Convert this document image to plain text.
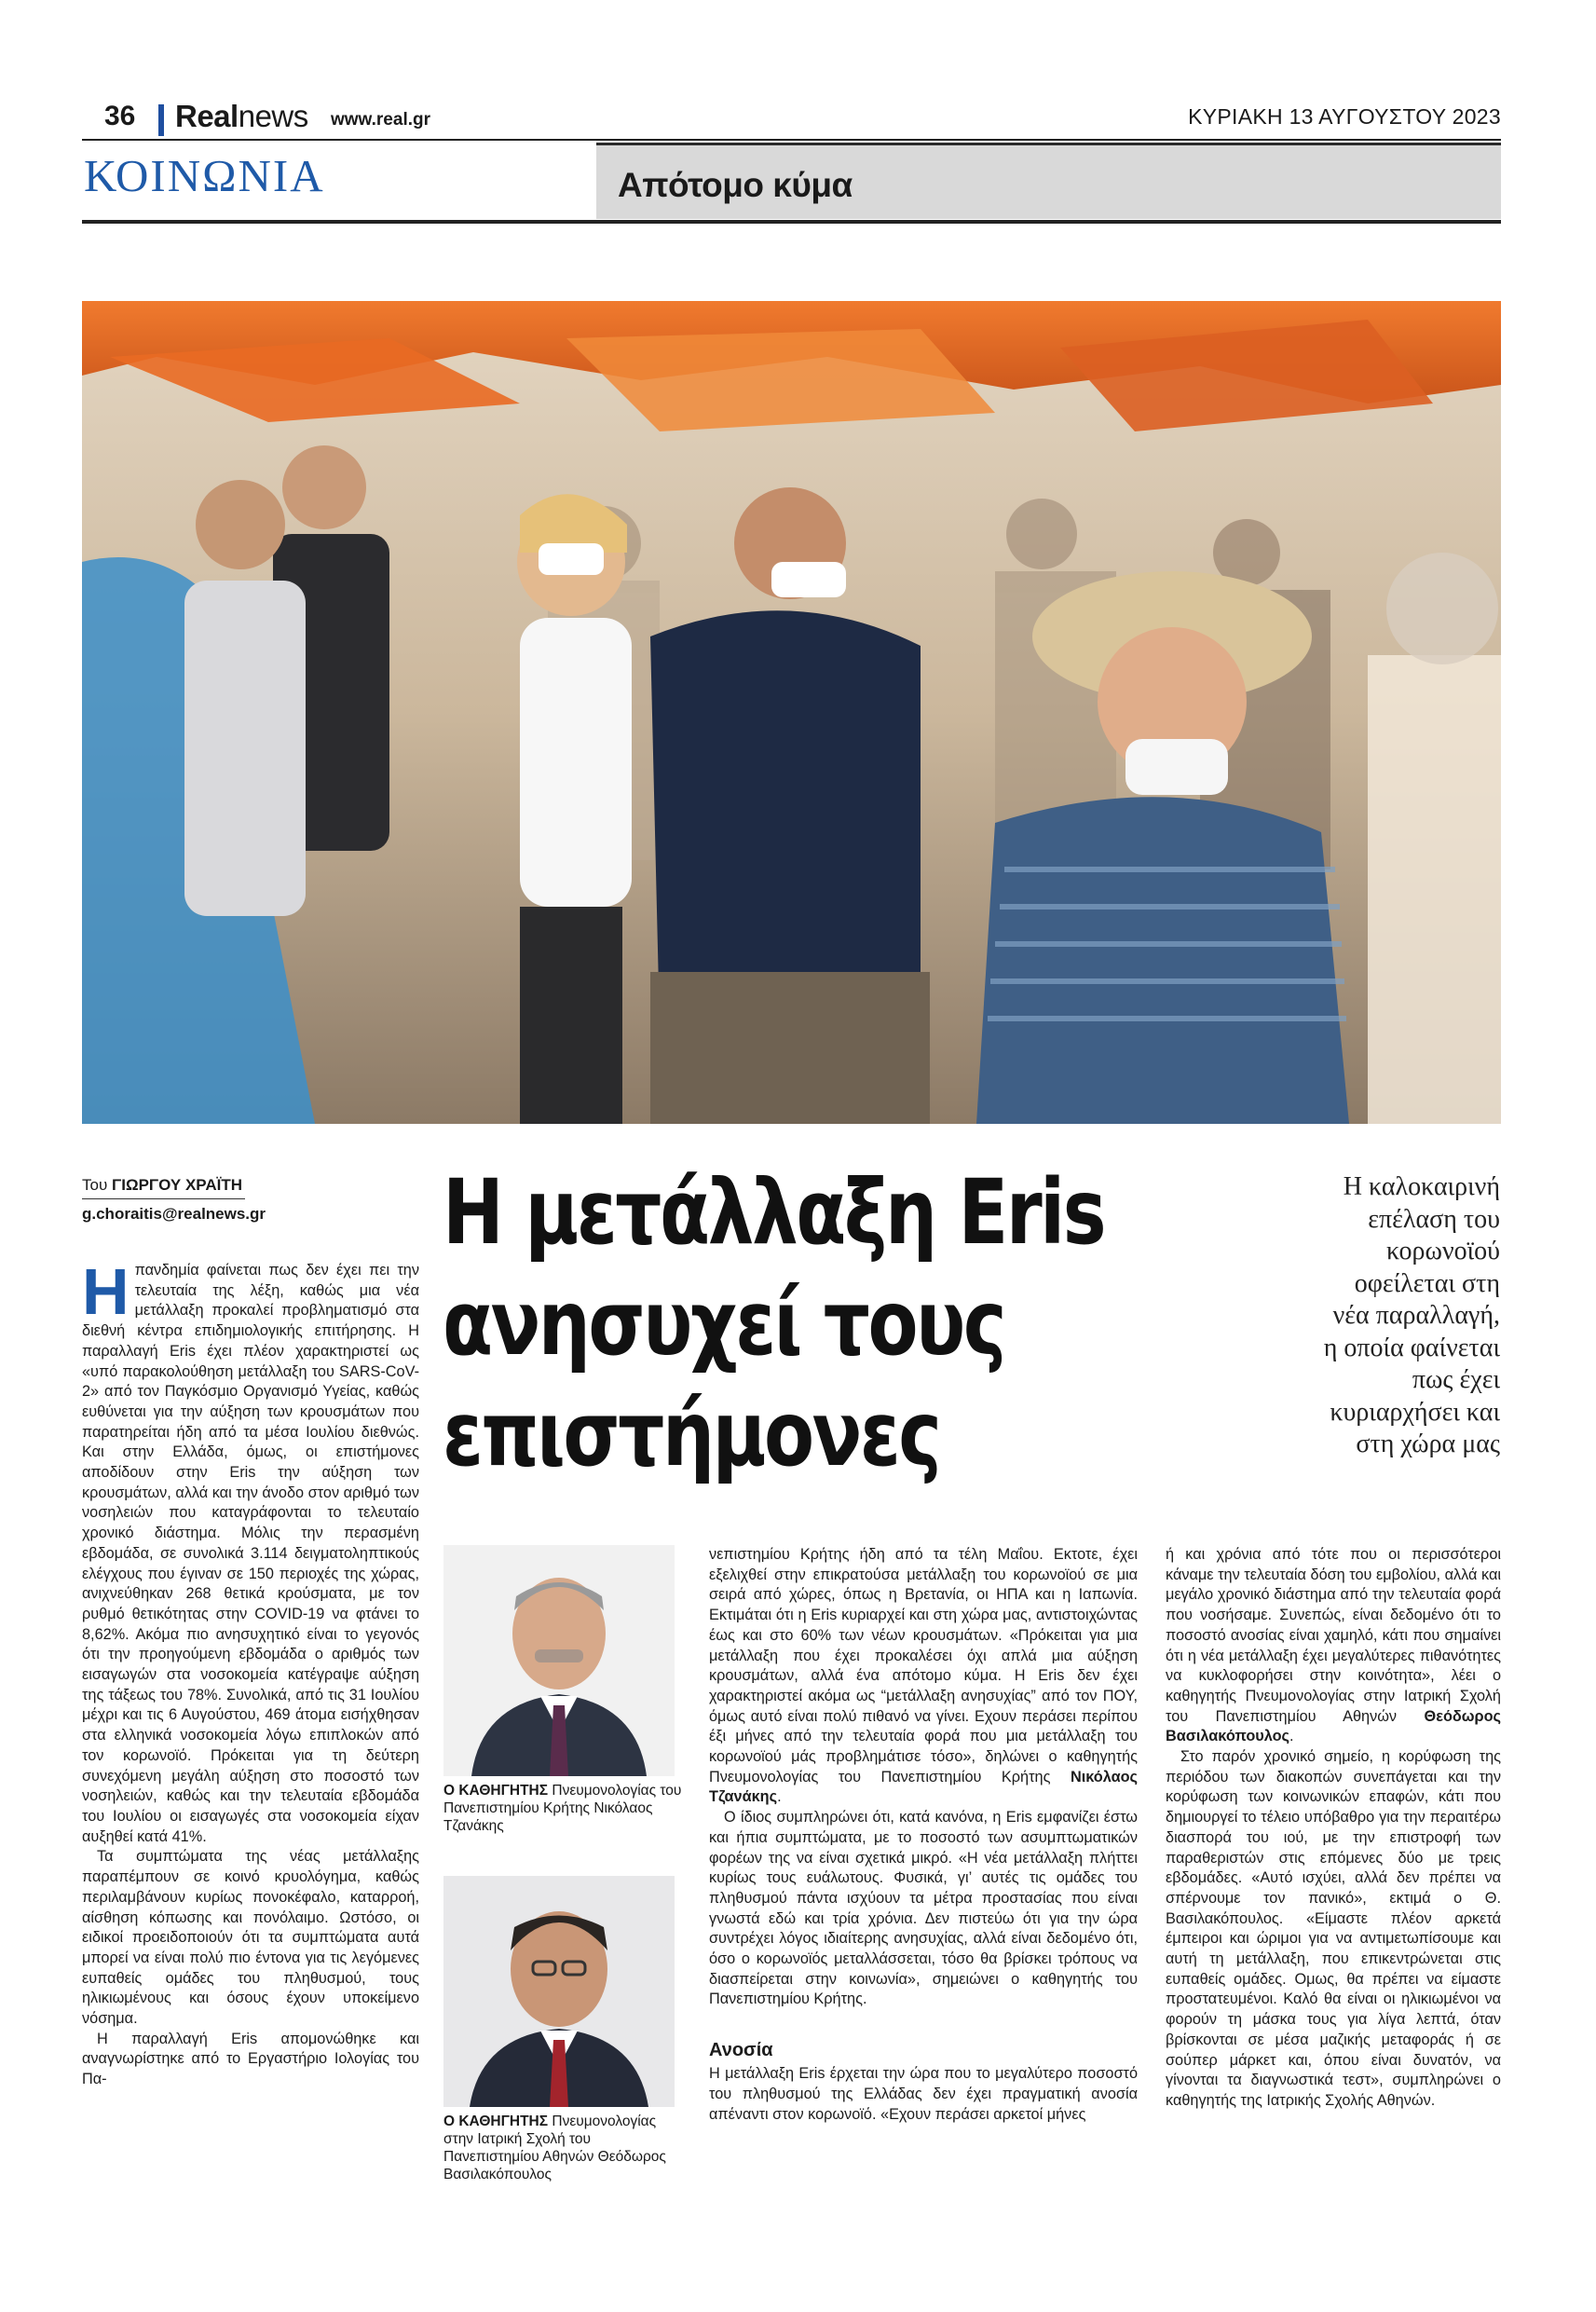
36 Realnews www.real.gr	ΚΥΡΙΑΚΗ 13 ΑΥΓΟΥΣΤΟΥ 2023
ΚΟΙΝΩΝΙΑ	Απότομο κύμα
Του ΓΙΩΡΓΟΥ ΧΡΑΪΤΗ
g.choraitis@realnews.gr Η μετάλλαξη Eris
ανησυχεί τους
επιστήμονες
Η καλοκαιρινή
επέλαση του
κορωνοϊού
οφείλεται στη
νέα παραλλαγή,
η οποία φαίνεται
πως έχει
κυριαρχήσει και
στη χώρα μας

Ηπανδημία φαίνεται πως δεν έχει πει την τελευταία της λέξη, καθώς μια νέα μετάλλαξη προκαλεί προβληματισμό στα διεθνή κέντρα επιδημιολογικής επιτήρησης. Η παραλλαγή Eris έχει πλέον χαρακτηριστεί ως «υπό παρακολούθηση μετάλλαξη του SARS-CoV-2» από τον Παγκόσμιο Οργανισμό Υγείας, καθώς ευθύνεται για την αύξηση των κρουσμάτων που παρατηρείται ήδη από τα μέσα Ιουλίου διεθνώς. Και στην Ελλάδα, όμως, οι επιστήμονες αποδίδουν στην Eris την αύξηση των κρουσμάτων, αλλά και την άνοδο στον αριθμό των νοσηλειών που καταγράφονται το τελευταίο χρονικό διάστημα. Μόλις την περασμένη εβδομάδα, σε συνολικά 3.114 δειγματοληπτικούς ελέγχους που έγιναν σε 150 περιοχές της χώρας, ανιχνεύθηκαν 268 θετικά κρούσματα, με τον ρυθμό θετικότητας στην COVID-19 να φτάνει το 8,62%. Ακόμα πιο ανησυχητικό είναι το γεγονός ότι την προηγούμενη εβδομάδα ο αριθμός των εισαγωγών στα νοσοκομεία κατέγραψε αύξηση της τάξεως του 78%. Συνολικά, από τις 31 Ιουλίου μέχρι και τις 6 Αυγούστου, 469 άτομα εισήχθησαν στα ελληνικά νοσοκομεία λόγω επιπλοκών από τον κορωνοϊό. Πρόκειται για τη δεύτερη συνεχόμενη μεγάλη αύξηση στο ποσοστό των νοσηλειών, καθώς και την τελευταία εβδομάδα του Ιουλίου οι εισαγωγές στα νοσοκομεία είχαν αυξηθεί κατά 41%.

Τα συμπτώματα της νέας μετάλλαξης παραπέμπουν σε κοινό κρυολόγημα, καθώς περιλαμβάνουν κυρίως πονοκέφαλο, καταρροή, αίσθηση κόπωσης και πονόλαιμο. Ωστόσο, οι ειδικοί προειδοποιούν ότι τα συμπτώματα αυτά μπορεί να είναι πολύ πιο έντονα για τις λεγόμενες ευπαθείς ομάδες του πληθυσμού, τους ηλικιωμένους και όσους έχουν υποκείμενο νόσημα.

Η παραλλαγή Eris απομονώθηκε και αναγνωρίστηκε από το Εργαστήριο Ιολογίας του Πα-

Ο ΚΑΘΗΓΗΤΗΣ Πνευμονολογίας του Πανεπιστημίου Κρήτης Νικόλαος Τζανάκης
Ο ΚΑΘΗΓΗΤΗΣ Πνευμονολογίας στην Ιατρική Σχολή του Πανεπιστημίου Αθηνών Θεόδωρος Βασιλακόπουλος

νεπιστημίου Κρήτης ήδη από τα τέλη Μαΐου. Εκτοτε, έχει εξελιχθεί στην επικρατούσα μετάλλαξη του κορωνοϊού σε μια σειρά από χώρες, όπως η Βρετανία, οι ΗΠΑ και η Ιαπωνία. Εκτιμάται ότι η Eris κυριαρχεί και στη χώρα μας, αντιστοιχώντας έως και στο 60% των νέων κρουσμάτων. «Πρόκειται για μια μετάλλαξη που έχει προκαλέσει όχι απλά μια αύξηση κρουσμάτων, αλλά ένα απότομο κύμα. Η Eris δεν έχει χαρακτηριστεί ακόμα ως “μετάλλαξη ανησυχίας” από τον ΠΟΥ, όμως αυτό είναι πολύ πιθανό να γίνει. Εχουν περάσει περίπου έξι μήνες από την τελευταία φορά που μια μετάλλαξη του κορωνοϊού μάς προβλημάτισε τόσο», δηλώνει ο καθηγητής Πνευμονολογίας του Πανεπιστημίου Κρήτης Νικόλαος Τζανάκης.

Ο ίδιος συμπληρώνει ότι, κατά κανόνα, η Eris εμφανίζει έστω και ήπια συμπτώματα, με το ποσοστό των ασυμπτωματικών φορέων της να είναι σχετικά μικρό. «Η νέα μετάλλαξη πλήττει κυρίως τους ευάλωτους. Φυσικά, γι’ αυτές τις ομάδες του πληθυσμού πάντα ισχύουν τα μέτρα προστασίας που είναι γνωστά εδώ και τρία χρόνια. Δεν πιστεύω ότι για την ώρα συντρέχει λόγος ιδιαίτερης ανησυχίας, αλλά είναι δεδομένο ότι, όσο ο κορωνοϊός μεταλλάσσεται, τόσο θα βρίσκει τρόπους να διασπείρεται στην κοινωνία», σημειώνει ο καθηγητής του Πανεπιστημίου Κρήτης.

Ανοσία

Η μετάλλαξη Eris έρχεται την ώρα που το μεγαλύτερο ποσοστό του πληθυσμού της Ελλάδας δεν έχει πραγματική ανοσία απέναντι στον κορωνοϊό. «Εχουν περάσει αρκετοί μήνες

ή και χρόνια από τότε που οι περισσότεροι κάναμε την τελευταία δόση του εμβολίου, αλλά και μεγάλο χρονικό διάστημα από την τελευταία φορά που νοσήσαμε. Συνεπώς, είναι δεδομένο ότι το ποσοστό ανοσίας είναι χαμηλό, κάτι που σημαίνει ότι η νέα μετάλλαξη έχει μεγαλύτερες πιθανότητες να κυκλοφορήσει στην κοινότητα», λέει ο καθηγητής Πνευμονολογίας στην Ιατρική Σχολή του Πανεπιστημίου Αθηνών Θεόδωρος Βασιλακόπουλος.

Στο παρόν χρονικό σημείο, η κορύφωση της περιόδου των διακοπών συνεπάγεται και την κορύφωση των κοινωνικών επαφών, κάτι που δημιουργεί το τέλειο υπόβαθρο για την περαιτέρω διασπορά του ιού, με την επιστροφή των παραθεριστών στις επόμενες δύο με τρεις εβδομάδες. «Αυτό ισχύει, αλλά δεν πρέπει να σπέρνουμε τον πανικό», εκτιμά ο Θ. Βασιλακόπουλος. «Είμαστε πλέον αρκετά έμπειροι και ώριμοι για να αντιμετωπίσουμε και αυτή τη μετάλλαξη, που επικεντρώνεται στις ευπαθείς ομάδες. Ομως, θα πρέπει να είμαστε προστατευμένοι. Καλό θα είναι οι ηλικιωμένοι να φορούν τη μάσκα τους για λίγα λεπτά, όταν βρίσκονται σε μέσα μαζικής μεταφοράς ή σε σούπερ μάρκετ και, όπου είναι δυνατόν, να γίνονται τα διαγνωστικά τεστ», συμπληρώνει ο καθηγητής της Ιατρικής Σχολής Αθηνών.
